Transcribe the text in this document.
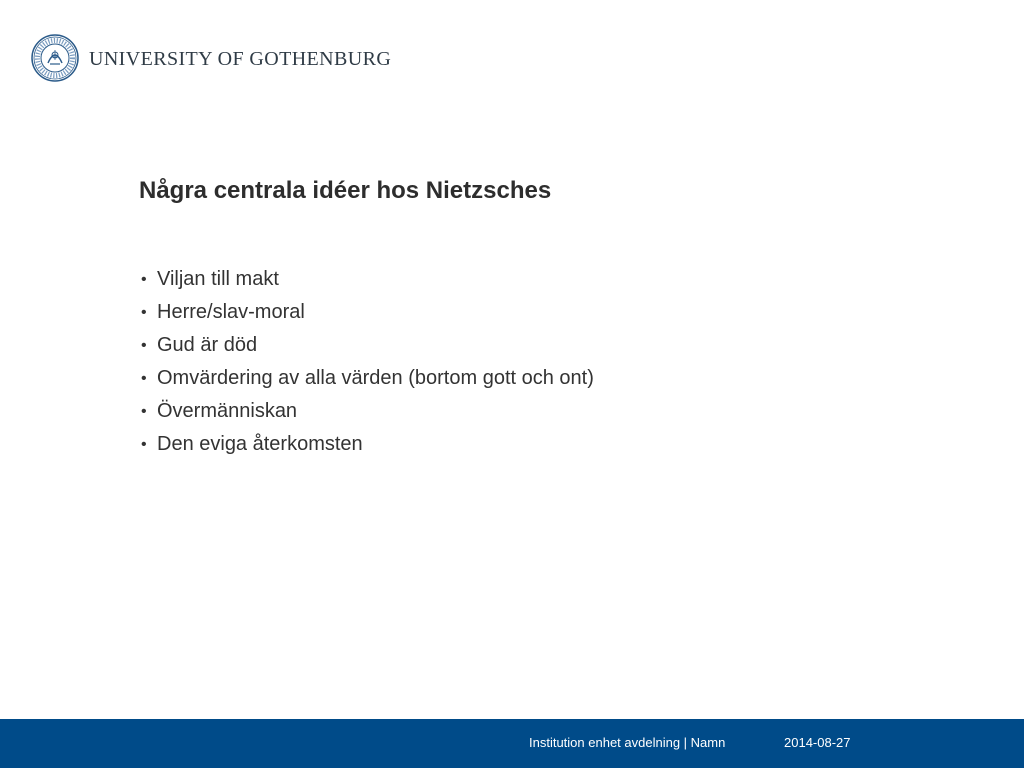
UNIVERSITY OF GOTHENBURG
Några centrala idéer hos Nietzsches
• Viljan till makt
• Herre/slav-moral
• Gud är död
• Omvärdering av alla värden (bortom gott och ont)
• Övermänniskan
• Den eviga återkomsten
Institution enhet avdelning | Namn	2014-08-27
